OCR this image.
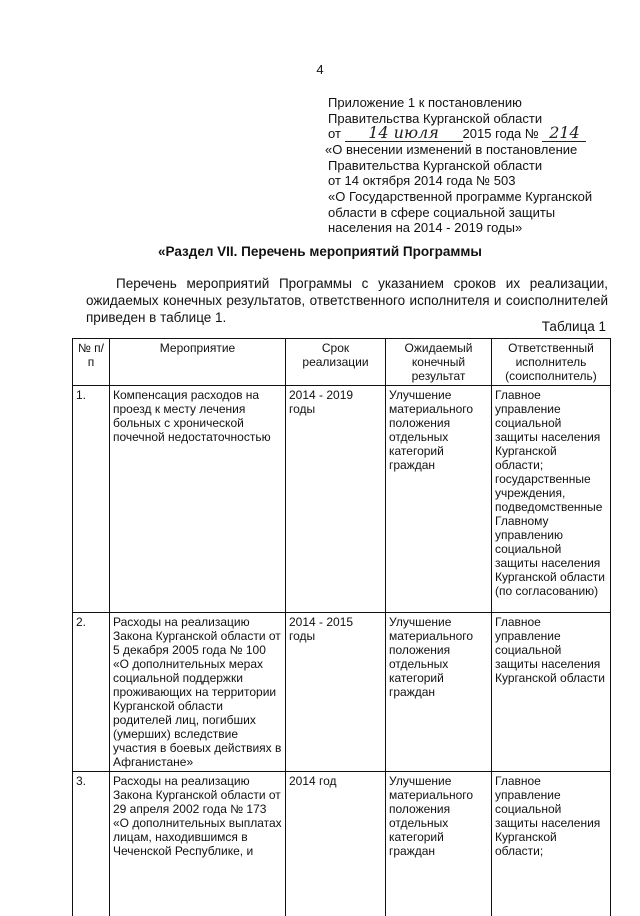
4
Приложение 1 к постановлению
Правительства Курганской области
от 14 июля 2015 года № 214
«О внесении изменений в постановление
Правительства Курганской области
от 14 октября 2014 года № 503
«О Государственной программе Курганской
области в сфере социальной защиты
населения на 2014 - 2019 годы»
«Раздел VII. Перечень мероприятий Программы
Перечень мероприятий Программы с указанием сроков их реализации,
ожидаемых конечных результатов, ответственного исполнителя и соисполнителей
приведен в таблице 1.
Таблица 1
№ п/п	Мероприятие	Срок реализации	Ожидаемый конечный результат	Ответственный исполнитель (соисполнитель)
1.	Компенсация расходов на проезд к месту лечения больных с хронической почечной недостаточностью	2014 - 2019 годы	Улучшение материального положения отдельных категорий граждан	Главное управление социальной защиты населения Курганской области; государственные учреждения, подведомственные Главному управлению социальной защиты населения Курганской области (по согласованию)
2.	Расходы на реализацию Закона Курганской области от 5 декабря 2005 года № 100 «О дополнительных мерах социальной поддержки проживающих на территории Курганской области родителей лиц, погибших (умерших) вследствие участия в боевых действиях в Афганистане»	2014 - 2015 годы	Улучшение материального положения отдельных категорий граждан	Главное управление социальной защиты населения Курганской области
3.	Расходы на реализацию Закона Курганской области от 29 апреля 2002 года № 173 «О дополнительных выплатах лицам, находившимся в Чеченской Республике, и	2014 год	Улучшение материального положения отдельных категорий граждан	Главное управление социальной защиты населения Курганской области;
